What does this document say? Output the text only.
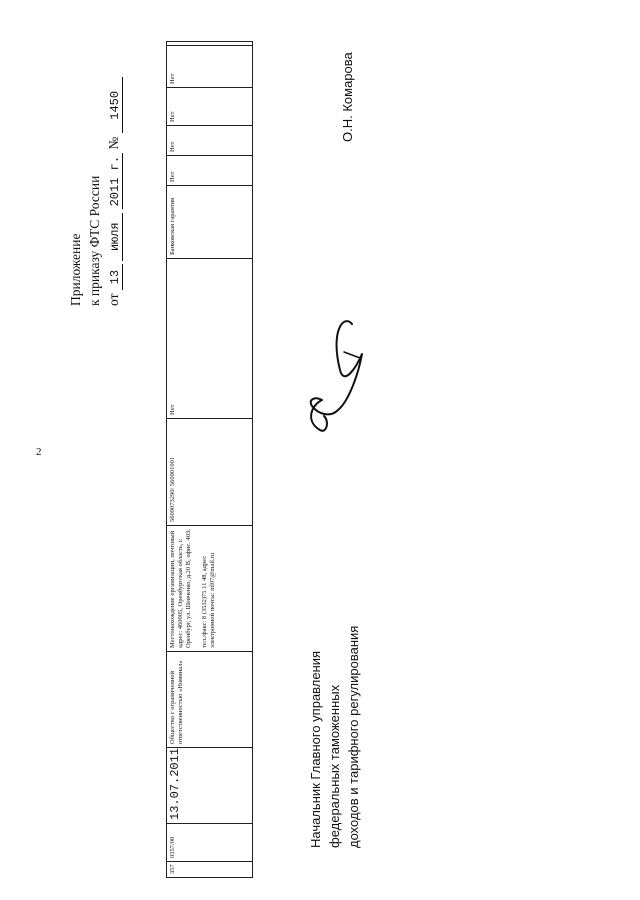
2
Приложение к приказу ФТС России от 13 июля 2011 г. № 1450	О.Н. Комарова
Начальник Главного управления федеральных таможенных доходов и тарифного регулирования
357	0357/00	13.07.2011	Общество с ограниченной ответственностью «Номинал»	Местонахождение организации, почтовый адрес: 460005, Оренбургская область, г. Оренбург, ул. Шевченко, д.20 В, офис. 403; тел./факс: 8 (3532)75 11 48, адрес электронной почты: ntl07@mail.ru	5609073290/ 560901001	Нет	Банковская гарантия	Нет	Нет	Нет	Нет	
